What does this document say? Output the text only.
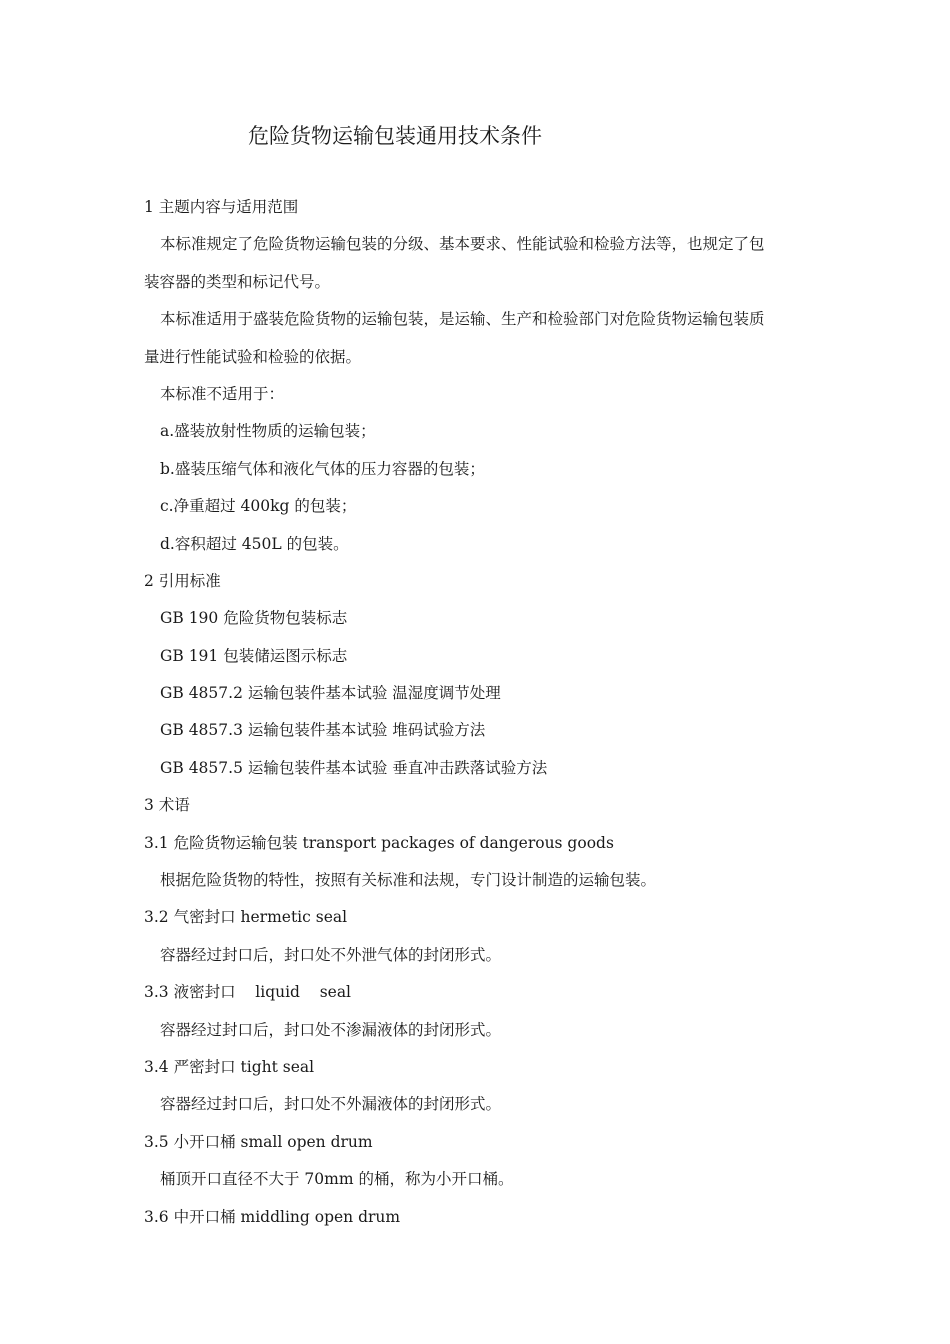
危险货物运输包装通用技术条件
1 主题内容与适用范围
本标准规定了危险货物运输包装的分级、基本要求、性能试验和检验方法等，也规定了包
装容器的类型和标记代号。
本标准适用于盛装危险货物的运输包装，是运输、生产和检验部门对危险货物运输包装质
量进行性能试验和检验的依据。
本标准不适用于：
a.盛装放射性物质的运输包装；
b.盛装压缩气体和液化气体的压力容器的包装；
c.净重超过 400kg 的包装；
d.容积超过 450L 的包装。
2 引用标准
GB 190 危险货物包装标志
GB 191 包装储运图示标志
GB 4857.2 运输包装件基本试验 温湿度调节处理
GB 4857.3 运输包装件基本试验 堆码试验方法
GB 4857.5 运输包装件基本试验 垂直冲击跌落试验方法
3 术语
3.1 危险货物运输包装 transport packages of dangerous goods
根据危险货物的特性，按照有关标准和法规，专门设计制造的运输包装。
3.2 气密封口 hermetic seal
容器经过封口后，封口处不外泄气体的封闭形式。
3.3 液密封口    liquid    seal
容器经过封口后，封口处不渗漏液体的封闭形式。
3.4 严密封口 tight seal
容器经过封口后，封口处不外漏液体的封闭形式。
3.5 小开口桶 small open drum
桶顶开口直径不大于 70mm 的桶，称为小开口桶。
3.6 中开口桶 middling open drum
